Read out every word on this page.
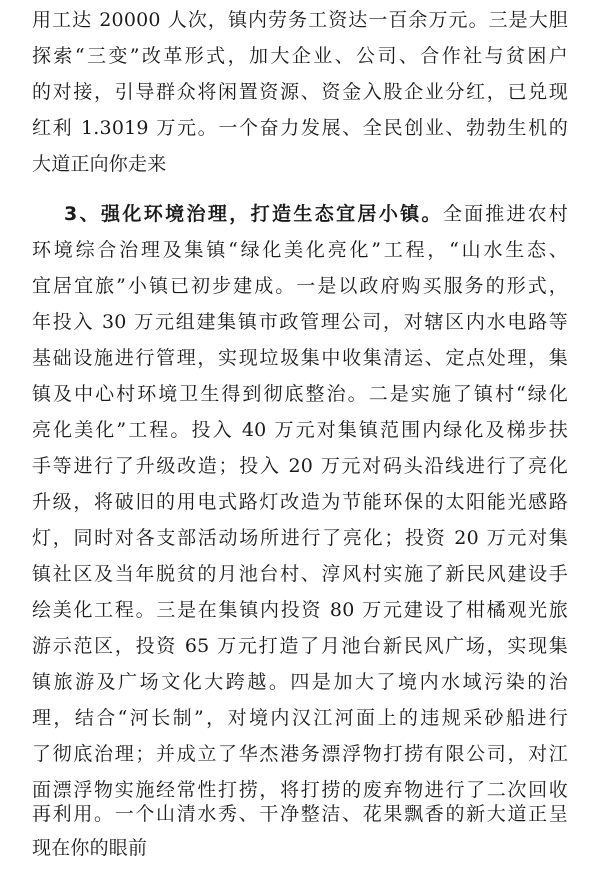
用工达 20000 人次，镇内劳务工资达一百余万元。三是大胆
探索“三变”改革形式，加大企业、公司、合作社与贫困户
的对接，引导群众将闲置资源、资金入股企业分红，已兑现
红利 1.3019 万元。一个奋力发展、全民创业、勃勃生机的
大道正向你走来
3、强化环境治理，打造生态宜居小镇。全面推进农村
环境综合治理及集镇“绿化美化亮化”工程，“山水生态、
宜居宜旅”小镇已初步建成。一是以政府购买服务的形式，
年投入 30 万元组建集镇市政管理公司，对辖区内水电路等
基础设施进行管理，实现垃圾集中收集清运、定点处理，集
镇及中心村环境卫生得到彻底整治。二是实施了镇村“绿化
亮化美化”工程。投入 40 万元对集镇范围内绿化及梯步扶
手等进行了升级改造；投入 20 万元对码头沿线进行了亮化
升级，将破旧的用电式路灯改造为节能环保的太阳能光感路
灯，同时对各支部活动场所进行了亮化；投资 20 万元对集
镇社区及当年脱贫的月池台村、淳风村实施了新民风建设手
绘美化工程。三是在集镇内投资 80 万元建设了柑橘观光旅
游示范区，投资 65 万元打造了月池台新民风广场，实现集
镇旅游及广场文化大跨越。四是加大了境内水域污染的治
理，结合“河长制”，对境内汉江河面上的违规采砂船进行
了彻底治理；并成立了华杰港务漂浮物打捞有限公司，对江
面漂浮物实施经常性打捞，将打捞的废弃物进行了二次回收
再利用。一个山清水秀、干净整洁、花果飘香的新大道正呈
现在你的眼前
